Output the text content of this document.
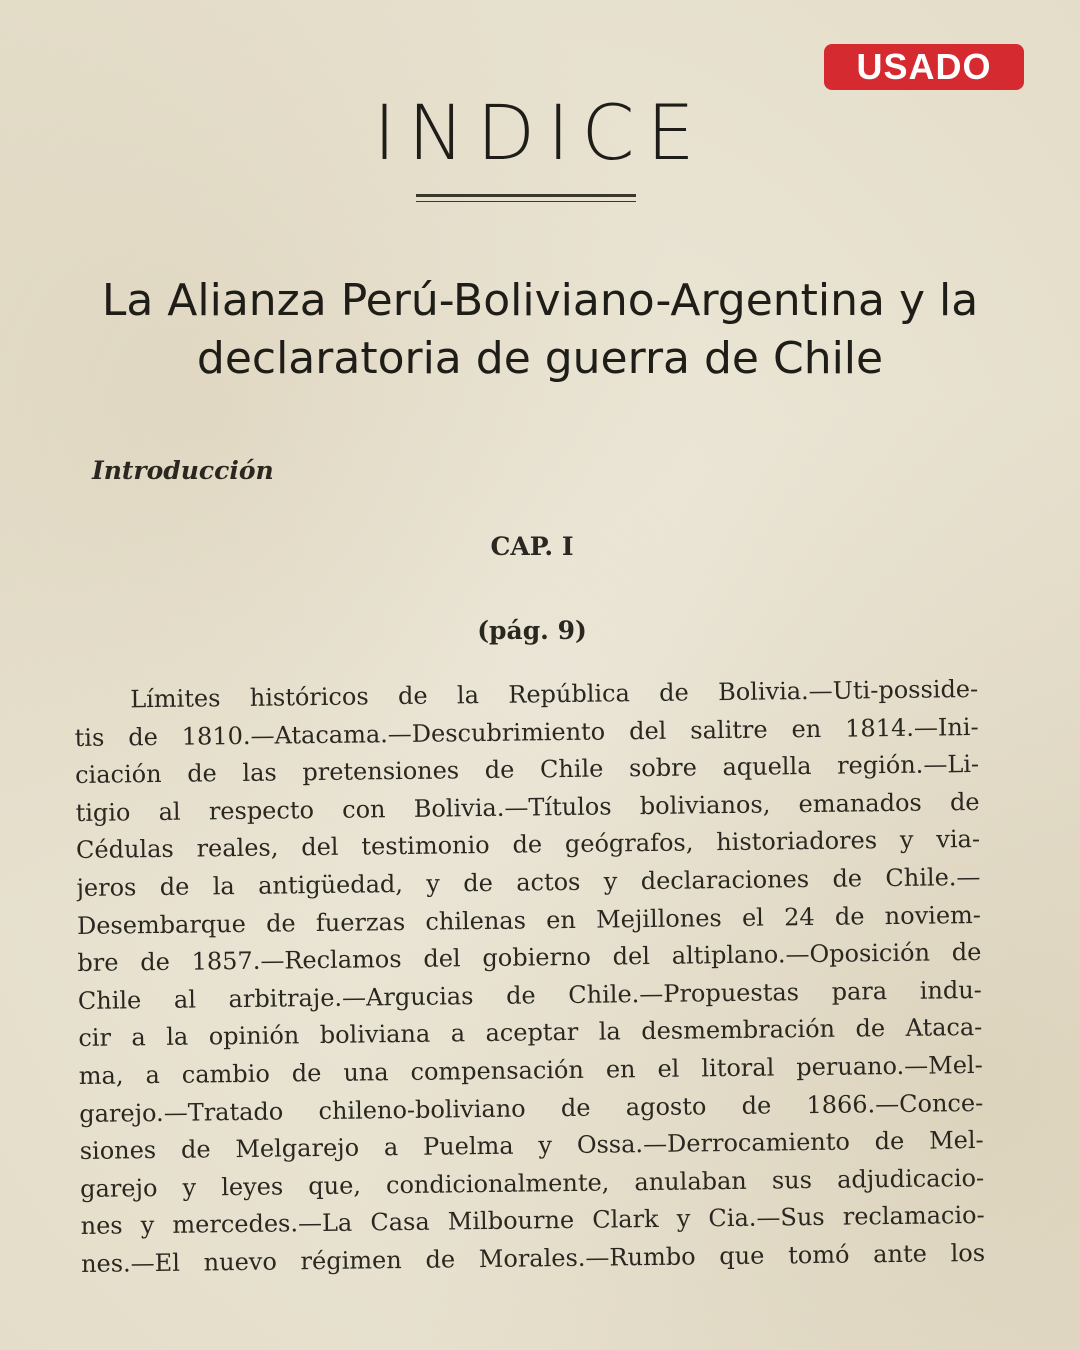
USADO
INDICE
La Alianza Perú-Boliviano-Argentina y la
declaratoria de guerra de Chile
Introducción
CAP. I
(pág. 9)
Límites históricos de la República de Bolivia.—Uti-posside-
tis de 1810.—Atacama.—Descubrimiento del salitre en 1814.—Ini-
ciación de las pretensiones de Chile sobre aquella región.—Li-
tigio al respecto con Bolivia.—Títulos bolivianos, emanados de
Cédulas reales, del testimonio de geógrafos, historiadores y via-
jeros de la antigüedad, y de actos y declaraciones de Chile.—
Desembarque de fuerzas chilenas en Mejillones el 24 de noviem-
bre de 1857.—Reclamos del gobierno del altiplano.—Oposición de
Chile al arbitraje.—Argucias de Chile.—Propuestas para indu-
cir a la opinión boliviana a aceptar la desmembración de Ataca-
ma, a cambio de una compensación en el litoral peruano.—Mel-
garejo.—Tratado chileno-boliviano de agosto de 1866.—Conce-
siones de Melgarejo a Puelma y Ossa.—Derrocamiento de Mel-
garejo y leyes que, condicionalmente, anulaban sus adjudicacio-
nes y mercedes.—La Casa Milbourne Clark y Cia.—Sus reclamacio-
nes.—El nuevo régimen de Morales.—Rumbo que tomó ante los
